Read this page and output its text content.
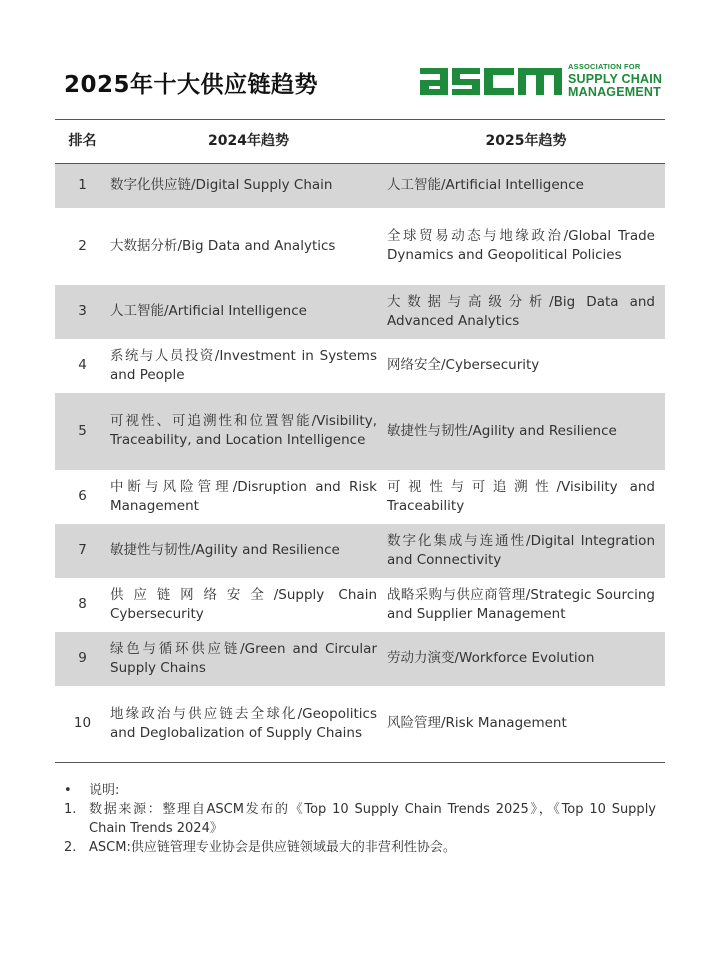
2025年十大供应链趋势
ASSOCIATION FOR
SUPPLY CHAIN
MANAGEMENT
排名	2024年趋势	2025年趋势
1	数字化供应链/Digital Supply Chain	人工智能/Artificial Intelligence
2	大数据分析/Big Data and Analytics	全球贸易动态与地缘政治/Global Trade Dynamics and Geopolitical Policies
3	人工智能/Artificial Intelligence	大数据与高级分析/Big Data and Advanced Analytics
4	系统与人员投资/Investment in Systems and People	网络安全/Cybersecurity
5	可视性、可追溯性和位置智能/Visibility, Traceability, and Location Intelligence	敏捷性与韧性/Agility and Resilience
6	中断与风险管理/Disruption and Risk Management	可视性与可追溯性/Visibility and Traceability
7	敏捷性与韧性/Agility and Resilience	数字化集成与连通性/Digital Integration and Connectivity
8	供应链网络安全/Supply Chain Cybersecurity	战略采购与供应商管理/Strategic Sourcing and Supplier Management
9	绿色与循环供应链/Green and Circular Supply Chains	劳动力演变/Workforce Evolution
10	地缘政治与供应链去全球化/Geopolitics and Deglobalization of Supply Chains	风险管理/Risk Management
•	说明:
1. 数据来源：整理自ASCM发布的《Top 10 Supply Chain Trends 2025》，《Top 10 Supply Chain Trends 2024》
2. ASCM:供应链管理专业协会是供应链领域最大的非营利性协会。
